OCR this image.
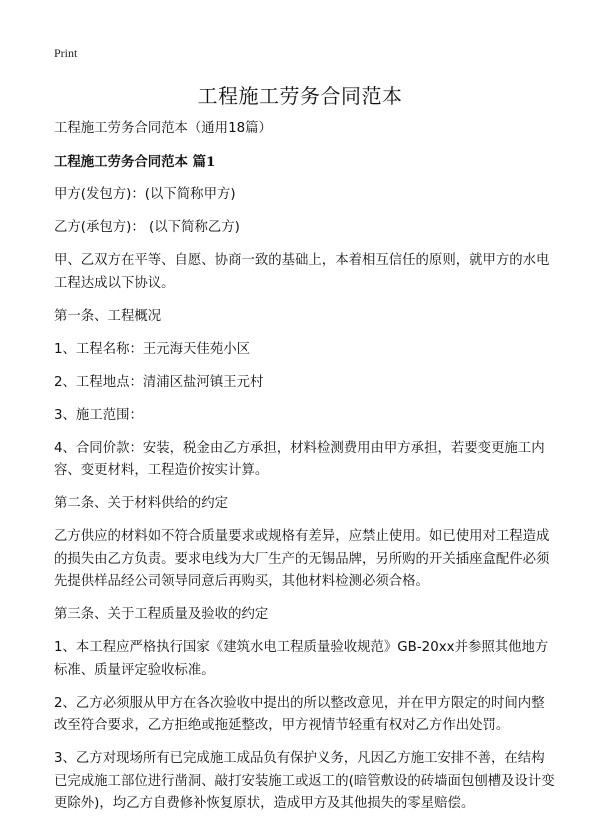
Print
工程施工劳务合同范本

工程施工劳务合同范本（通用18篇）

工程施工劳务合同范本 篇1

甲方(发包方)：(以下简称甲方)

乙方(承包方)： (以下简称乙方)

甲、乙双方在平等、自愿、协商一致的基础上，本着相互信任的原则，就甲方的水电工程达成以下协议。

第一条、工程概况

1、工程名称：王元海天佳苑小区

2、工程地点：清浦区盐河镇王元村

3、施工范围：

4、合同价款：安装，税金由乙方承担，材料检测费用由甲方承担，若要变更施工内容、变更材料，工程造价按实计算。

第二条、关于材料供给的约定

乙方供应的材料如不符合质量要求或规格有差异，应禁止使用。如已使用对工程造成的损失由乙方负责。要求电线为大厂生产的无锡品牌，另所购的开关插座盒配件必须先提供样品经公司领导同意后再购买，其他材料检测必须合格。

第三条、关于工程质量及验收的约定

1、本工程应严格执行国家《建筑水电工程质量验收规范》GB-20xx并参照其他地方标准、质量评定验收标准。

2、乙方必须服从甲方在各次验收中提出的所以整改意见，并在甲方限定的时间内整改至符合要求，乙方拒绝或拖延整改，甲方视情节轻重有权对乙方作出处罚。

3、乙方对现场所有已完成施工成品负有保护义务，凡因乙方施工安排不善，在结构已完成施工部位进行凿洞、敲打安装施工或返工的(暗管敷设的砖墙面包刨槽及设计变更除外)，均乙方自费修补恢复原状，造成甲方及其他损失的零星赔偿。
